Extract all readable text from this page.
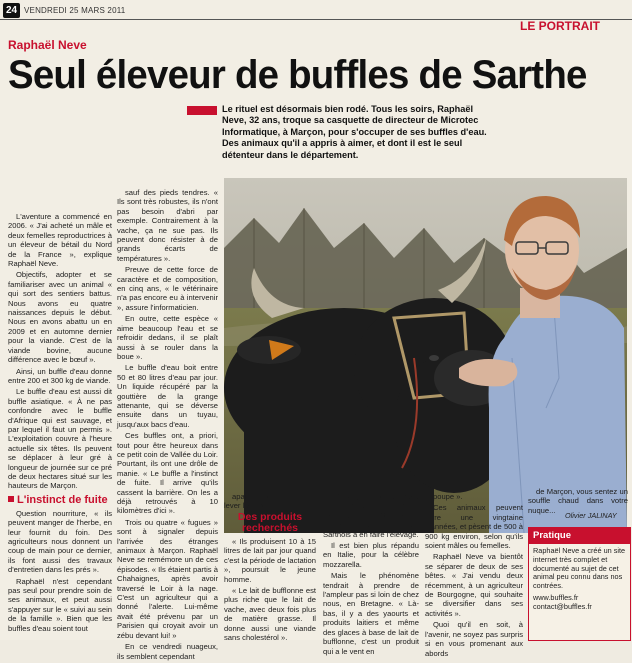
24 VENDREDI 25 MARS 2011
LE PORTRAIT
Raphaël Neve
Seul éleveur de buffles de Sarthe
Le rituel est désormais bien rodé. Tous les soirs, Raphaël Neve, 32 ans, troque sa casquette de directeur de Microtec Informatique, à Marçon, pour s'occuper de ses buffles d'eau. Des animaux qu'il a appris à aimer, et dont il est le seul détenteur dans le département.

L'aventure a commencé en 2006. « J'ai acheté un mâle et deux femelles reproductrices à un éleveur de bétail du Nord de la France », explique Raphaël Neve.

Objectifs, adopter et se familiariser avec un animal « qui sort des sentiers battus. Nous avons eu quatre naissances depuis le début. Nous en avons abattu un en 2009 et en automne dernier pour la viande. C'est de la viande bovine, aucune différence avec le bœuf ».

Ainsi, un buffle d'eau donne entre 200 et 300 kg de viande.

Le buffle d'eau est aussi dit buffle asiatique. « À ne pas confondre avec le buffle d'Afrique qui est sauvage, et par lequel il faut un permis ». L'exploitation couvre à l'heure actuelle six têtes. Ils peuvent se déplacer à leur gré à longueur de journée sur ce pré de deux hectares situé sur les hauteurs de Marçon.

L'instinct de fuite

Question nourriture, « ils peuvent manger de l'herbe, en leur fournit du foin. Des agriculteurs nous donnent un coup de main pour ce dernier, ils font aussi des travaux d'entretien dans les prés ».

Raphaël n'est cependant pas seul pour prendre soin de ses animaux, et peut aussi s'appuyer sur le « suivi au sein de la famille ». Bien que les buffles d'eau soient tout

sauf des pieds tendres. « Ils sont très robustes, ils n'ont pas besoin d'abri par exemple. Contrairement à la vache, ça ne sue pas. Ils peuvent donc résister à de grands écarts de températures ».

Preuve de cette force de caractère et de composition, en cinq ans, « le vétérinaire n'a pas encore eu à intervenir », assure l'informaticien.

En outre, cette espèce « aime beaucoup l'eau et se refroidir dedans, il se plaît aussi à se rouler dans la boue ».

Le buffle d'eau boit entre 50 et 80 litres d'eau par jour. Un liquide récupéré par la gouttière de la grange attenante, qui se déverse ensuite dans un tuyau, jusqu'aux bacs d'eau.

Ces buffles ont, a priori, tout pour être heureux dans ce petit coin de Vallée du Loir. Pourtant, ils ont une drôle de manie. « Le buffle a l'instinct de fuite. Il arrive qu'ils cassent la barrière. On les a déjà retrouvés à 10 kilomètres d'ici ».

Trois ou quatre « fugues » sont à signaler depuis l'arrivée des étranges animaux à Marçon. Raphaël Neve se remémore un de ces épisodes. « Ils étaient partis à Chahaignes, après avoir traversé le Loir à la nage. C'est un agriculteur qui a donné l'alerte. Lui-même avait été prévenu par un Parisien qui croyait avoir un zébu devant lui! »

En ce vendredi nuageux, ils semblent cependant

apaisés, peu disposés à lever les voiles.

Des produits recherchés

« Ils produisent 10 à 15 litres de lait par jour quand c'est la période de lactation », poursuit le jeune homme.

« Le lait de bufflonne est plus riche que le lait de vache, avec deux fois plus de matière grasse. Il donne aussi une viande sans cholestérol ».

L'élevage de buffles d'eau est sporadique en France. Raphaël Neve étant à sa connaissance le seul Sarthois à en faire l'élevage.

Il est bien plus répandu en Italie, pour la célèbre mozzarella.

Mais le phénomène tendrait à prendre de l'ampleur pas si loin de chez nous, en Bretagne. « Là-bas, il y a des yaourts et produits laitiers et même des glaces à base de lait de bufflonne, c'est un produit qui a le vent en

poupe ».

Ces animaux peuvent vivre une vingtaine d'années, et pèsent de 500 à 900 kg environ, selon qu'ils soient mâles ou femelles.

Raphaël Neve va bientôt se séparer de deux de ses bêtes. « J'ai vendu deux récemment, à un agriculteur de Bourgogne, qui souhaite se diversifier dans ses activités ».

Quoi qu'il en soit, à l'avenir, ne soyez pas surpris si en vous promenant aux abords

de Marçon, vous sentez un souffle chaud dans votre nuque...

Olivier JALINAY
Pratique

Raphaël Neve a créé un site internet très complet et documenté au sujet de cet animal peu connu dans nos contrées.

www.buffles.fr

contact@buffles.fr
